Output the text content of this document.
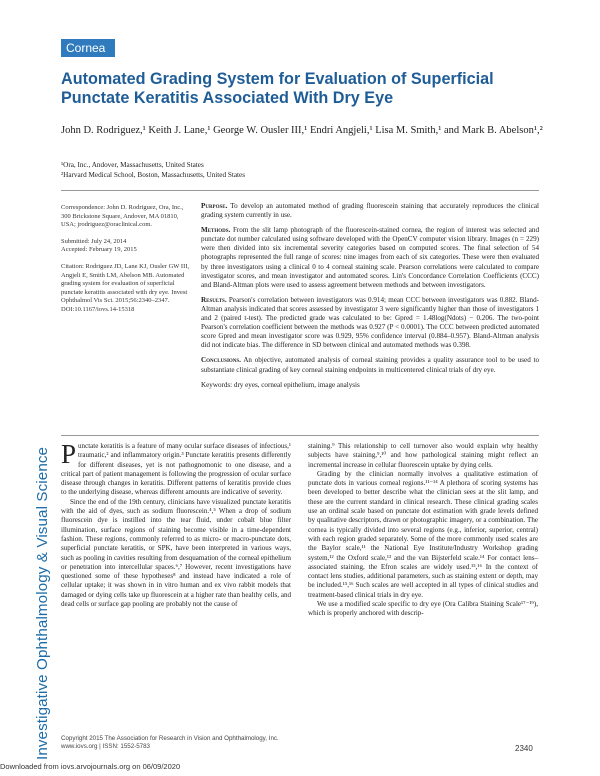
Investigative Ophthalmology & Visual Science
Cornea
Automated Grading System for Evaluation of Superficial Punctate Keratitis Associated With Dry Eye
John D. Rodriguez,¹ Keith J. Lane,¹ George W. Ousler III,¹ Endri Angjeli,¹ Lisa M. Smith,¹ and Mark B. Abelson¹,²
¹Ora, Inc., Andover, Massachusetts, United States
²Harvard Medical School, Boston, Massachusetts, United States

Correspondence: John D. Rodriguez, Ora, Inc., 300 Brickstone Square, Andover, MA 01810, USA; jrodriguez@oraclinical.com.

Submitted: July 24, 2014
Accepted: February 19, 2015

Citation: Rodriguez JD, Lane KJ, Ousler GW III, Angjeli E, Smith LM, Abelson MB. Automated grading system for evaluation of superficial punctate keratitis associated with dry eye. Invest Ophthalmol Vis Sci. 2015;56:2340–2347. DOI:10.1167/iovs.14-15318

Purpose. To develop an automated method of grading fluorescein staining that accurately reproduces the clinical grading system currently in use.

Methods. From the slit lamp photograph of the fluorescein-stained cornea, the region of interest was selected and punctate dot number calculated using software developed with the OpenCV computer vision library. Images (n = 229) were then divided into six incremental severity categories based on computed scores. The final selection of 54 photographs represented the full range of scores: nine images from each of six categories. These were then evaluated by three investigators using a clinical 0 to 4 corneal staining scale. Pearson correlations were calculated to compare investigator scores, and mean investigator and automated scores. Lin's Concordance Correlation Coefficients (CCC) and Bland-Altman plots were used to assess agreement between methods and between investigators.

Results. Pearson's correlation between investigators was 0.914; mean CCC between investigators was 0.882. Bland-Altman analysis indicated that scores assessed by investigator 3 were significantly higher than those of investigators 1 and 2 (paired t-test). The predicted grade was calculated to be: Gpred = 1.48log(Ndots) − 0.206. The two-point Pearson's correlation coefficient between the methods was 0.927 (P < 0.0001). The CCC between predicted automated score Gpred and mean investigator score was 0.929, 95% confidence interval (0.884–0.957). Bland-Altman analysis did not indicate bias. The difference in SD between clinical and automated methods was 0.398.

Conclusions. An objective, automated analysis of corneal staining provides a quality assurance tool to be used to substantiate clinical grading of key corneal staining endpoints in multicentered clinical trials of dry eye.

Keywords: dry eyes, corneal epithelium, image analysis

Punctate keratitis is a feature of many ocular surface diseases of infectious,¹ traumatic,² and inflammatory origin.³ Punctate keratitis presents differently for different diseases, yet is not pathognomonic to one disease, and a critical part of patient management is following the progression of ocular surface disease through changes in keratitis. Different patterns of keratitis provide clues to the underlying disease, whereas different amounts are indicative of severity.

Since the end of the 19th century, clinicians have visualized punctate keratitis with the aid of dyes, such as sodium fluorescein.⁴,⁵ When a drop of sodium fluorescein dye is instilled into the tear fluid, under cobalt blue filter illumination, surface regions of staining become visible in a time-dependent fashion. These regions, commonly referred to as micro- or macro-punctate dots, superficial punctate keratitis, or SPK, have been interpreted in various ways, such as pooling in cavities resulting from desquamation of the corneal epithelium or penetration into intercellular spaces.⁶,⁷ However, recent investigations have questioned some of these hypotheses⁸ and instead have indicated a role of cellular uptake; it was shown in in vitro human and ex vivo rabbit models that damaged or dying cells take up fluorescein at a higher rate than healthy cells, and dead cells or surface gap pooling are probably not the cause of

staining.⁹ This relationship to cell turnover also would explain why healthy subjects have staining,⁹,¹⁰ and how pathological staining might reflect an incremental increase in cellular fluorescein uptake by dying cells.

Grading by the clinician normally involves a qualitative estimation of punctate dots in various corneal regions.¹¹⁻¹⁴ A plethora of scoring systems has been developed to better describe what the clinician sees at the slit lamp, and these are the current standard in clinical research. These clinical grading scales use an ordinal scale based on punctate dot estimation with grade levels defined by qualitative descriptors, drawn or photographic imagery, or a combination. The cornea is typically divided into several regions (e.g., inferior, superior, central) with each region graded separately. Some of the more commonly used scales are the Baylor scale,¹¹ the National Eye Institute/Industry Workshop grading system,¹² the Oxford scale,¹³ and the van Bijsterfeld scale.¹⁴ For contact lens–associated staining, the Efron scales are widely used.¹⁵,¹⁶ In the context of contact lens studies, additional parameters, such as staining extent or depth, may be included.¹⁵,¹⁶ Such scales are well accepted in all types of clinical studies and treatment-based clinical trials in dry eye.

We use a modified scale specific to dry eye (Ora Calibra Staining Scale¹⁷⁻¹⁹), which is properly anchored with descrip-

Copyright 2015 The Association for Research in Vision and Ophthalmology, Inc.
www.iovs.org | ISSN: 1552-5783	2340
Downloaded from iovs.arvojournals.org on 06/09/2020
